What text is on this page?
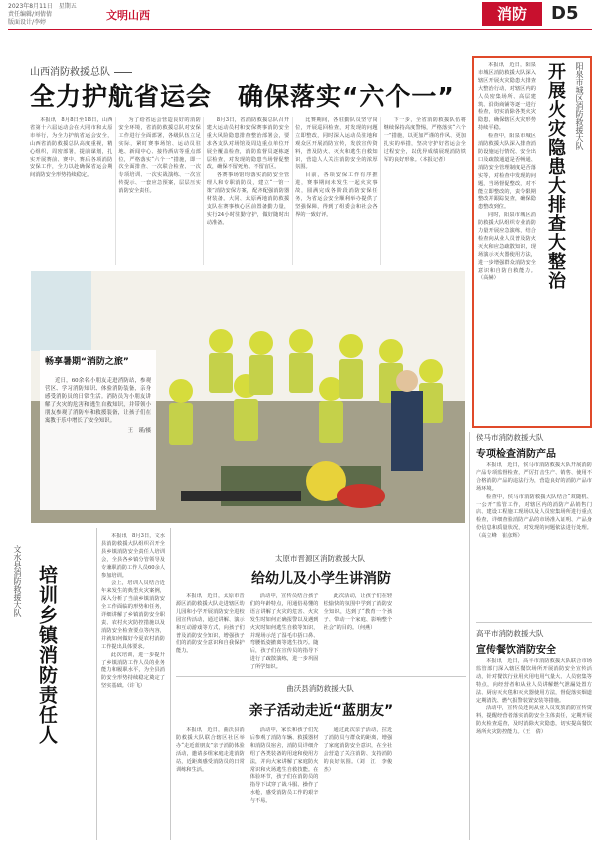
2023年8月11日　星期五
责任编辑/刘倩倩
版面设计/李婷
文明山西	消防	D5
山西消防救援总队
全力护航省运会　确保落实“六个一”

本报讯　8月8日至18日，山西省第十六届运动会在大同市和太原市举行，为全力护航省运会安全，山西省消防救援总队高度重视，精心组织，周密部署，提前谋划，扎实开展赛前、赛中、赛后各项消防安保工作，全力以赴确保省运会期间消防安全形势持续稳定。

为了给省运会营造良好的消防安全环境，省消防救援总队对安保工作进行全面部署，各级队伍立足实际，紧盯赛事场馆、运动员驻地、新闻中心、接待酒店等重点部位，严格落实“六个一”措施，即一次全面排查、一次联合检查、一次专项培训、一次实战演练、一次宣传提示、一套应急预案，层层压实消防安全责任。

8月3日，省消防救援总队召开建大运动员村和安保赛事消防安全重大风险隐患排查整治部署会，要求各支队对场馆及周边重点单位开展全覆盖检查，消防监督员逐栋逐层检查，对发现的隐患当场督促整改，确保不留死角、不留盲区。

各赛事场馆均落实消防安全管理人和专职消防员，建立“一馆一策”消防安保方案，配齐配强消防器材装备。大同、太原两地消防救援支队在赛事核心区前置备勤力量，实行24小时驻勤守护，做好随时出动准备。

比赛期间，各驻勤队员坚守岗位，开展巡回检查，对发现的问题立即整改，同时深入运动员驻地和观众区开展消防宣传，发放宣传资料，普及防火、灭火和逃生自救知识，营造人人关注消防安全的浓厚氛围。

目前，各项安保工作有序推进，赛事期间未发生一起火灾事故，圆满完成各阶段消防安保任务，为省运会安全顺利举办提供了坚强保障，得到了组委会和社会各界的一致好评。

下一步，全省消防救援队伍将继续保持高度警惕，严格落实“六个一”措施，以更加严谨的作风、更加扎实的举措，坚决守护好省运会全过程安全，以优异成绩展现消防铁军的良好形象。（本报记者）

本报讯　近日，阳泉市城区消防救援大队深入辖区开展火灾隐患大排查大整治行动，对辖区内的人员密集场所、高层建筑、沿街商铺等逐一进行检查，切实消除各类火灾隐患，确保辖区火灾形势持续平稳。

检查中，阳泉市城区消防救援大队深入排查消防设施运行情况、安全出口及疏散通道是否畅通、消防安全管理制度是否落实等，对检查中发现的问题，当场督促整改，对不能立即整改的，责令限期整改并跟踪复查，确保隐患整改到位。

同时，阳泉市城区消防救援大队组织专业消防力量开展应急演练，结合检查向从业人员普及防火灭火和应急疏散知识，现场演示灭火器使用方法，进一步增强群众消防安全意识和自防自救能力。（高赫）

阳泉市城区消防救援大队
开展火灾隐患大排查大整治
畅享暑期“消防之旅”

近日，60余名小朋友走进消防站，参观营区、学习消防知识、体验消防装备，亲身感受消防员的日常生活。消防员为小朋友讲解了火灾的危害和逃生自救知识，并带领小朋友参观了消防车和救援装备，让孩子们在寓教于乐中增长了安全知识。

王　谨/摄
培训乡镇消防责任人
文水县消防救援大队

本报讯　8月3日，文水县消防救援大队组织召开全县乡镇消防安全责任人培训会，全县各乡镇分管领导及专兼职消防工作人员60余人参加培训。

会上，培训人员结合近年来发生的典型火灾案例，深入分析了当前乡镇消防安全工作面临的形势和任务，详细讲解了乡镇消防安全职责、农村火灾防控措施以及消防安全检查要点等内容，并就如何做好今夏农村消防工作提出具体要求。

此次培训，进一步提升了乡镇消防工作人员的业务能力和履职水平，为全县消防安全形势持续稳定奠定了坚实基础。（许飞）

太原市晋源区消防救援大队
给幼儿及小学生讲消防

本报讯　近日，太原市晋源区消防救援大队走进辖区幼儿园和小学开展消防安全进校园宣传活动，通过讲解、演示和互动游戏等方式，向孩子们普及消防安全知识，增强孩子们的消防安全意识和自我保护能力。

活动中，宣传员结合孩子们的年龄特点，用通俗易懂的语言讲解了火灾的危害、火灾发生时如何正确报警以及遇到火灾时如何逃生自救等知识，并现场示范了湿毛巾捂口鼻、弯腰低姿撤离等逃生技巧。随后，孩子们在宣传员的指导下进行了疏散演练，进一步巩固了所学知识。

此次活动，让孩子们在轻松愉快的氛围中学到了消防安全知识，达到了“教育一个孩子、带动一个家庭、影响整个社会”的目的。（何燕）

曲沃县消防救援大队
亲子活动走近“蓝朋友”

本报讯　近日，曲沃县消防救援大队联合辖区社区举办“走近蓝朋友”亲子消防体验活动，邀请多组家庭走进消防站，近距离感受消防员的日常训练和生活。

活动中，家长和孩子们先后参观了消防车辆、救援器材和消防员宿舍，消防员详细介绍了各类装备的用途和使用方法，并向大家讲解了家庭防火常识和火场逃生自救技能。在体验环节，孩子们在消防员的指导下试穿了战斗服、操作了水枪，感受消防员工作的艰辛与不易。

通过此次亲子活动，拉近了消防员与群众的距离，增强了家庭消防安全意识，在全社会营造了关注消防、支持消防的良好氛围。（刘　江　李俊杰）

侯马市消防救援大队
专项检查消防产品

本报讯　近日，侯马市消防救援大队开展消防产品专项监督检查，严厉打击生产、销售、使用不合格消防产品的违法行为，营造良好的消防产品市场环境。

检查中，侯马市消防救援大队结合“双随机、一公开”监管工作，对辖区内的消防产品销售门店、建设工程施工现场以及人员密集场所进行重点检查，详细查验消防产品的市场准入证明、产品身份信息和质量状况，对发现的问题依法进行处理。（高立峰　崔彦辉）

高平市消防救援大队
宣传餐饮消防安全

本报讯　近日，高平市消防救援大队联合市场监管部门深入辖区餐饮场所开展消防安全宣传活动，针对餐饮行业用火用电用气量大、人员密集等特点，向经营者和从业人员讲解燃气泄漏处置方法、厨房灭火毯和灭火器使用方法，督促落实烟道定期清洗、燃气报警装置安装等措施。

活动中，宣传员还向从业人员发放消防宣传资料，提醒经营者落实消防安全主体责任，定期开展防火检查巡查，及时消除火灾隐患，切实提高餐饮场所火灾防控能力。（王　倩）
